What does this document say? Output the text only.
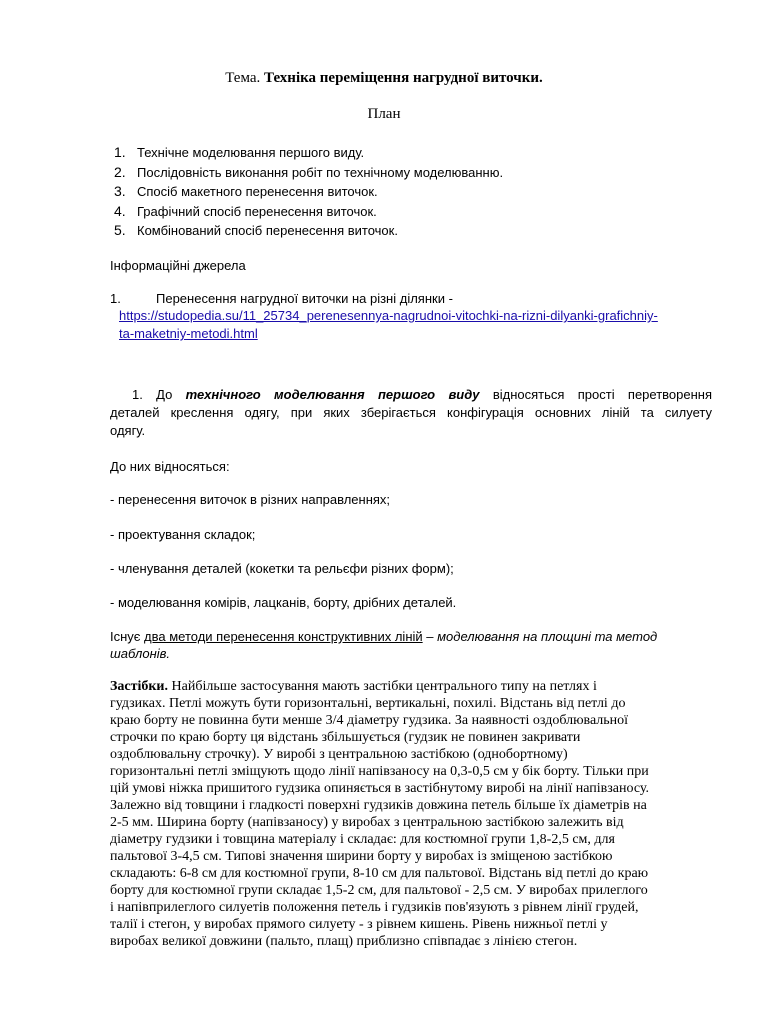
Тема. Техніка переміщення нагрудної виточки.

План

1. Технічне моделювання першого виду.
2. Послідовність виконання робіт по технічному моделюванню.
3. Спосіб макетного перенесення виточок.
4. Графічний спосіб перенесення виточок.
5. Комбінований спосіб перенесення виточок.

Інформаційні джерела

1.	Перенесення нагрудної виточки на різні ділянки -

https://studopedia.su/11_25734_perenesennya-nagrudnoi-vitochki-na-rizni-dilyanki-grafichniy-
ta-maketniy-metodi.html

1. До технічного моделювання першого виду відносяться прості перетворення

деталей креслення одягу, при яких зберігається конфігурація основних ліній та силуету

одягу.

До них відносяться:

- перенесення виточок в різних направленнях;

- проектування складок;

- членування деталей (кокетки та рельєфи різних форм);

- моделювання комірів, лацканів, борту, дрібних деталей.

Існує два методи перенесення конструктивних ліній – моделювання на площині та метод

шаблонів.

Застібки. Найбільше застосування мають застібки центрального типу на петлях і

гудзиках. Петлі можуть бути горизонтальні, вертикальні, похилі. Відстань від петлі до

краю борту не повинна бути менше 3/4 діаметру гудзика. За наявності оздоблювальної

строчки по краю борту ця відстань збільшується (гудзик не повинен закривати

оздоблювальну строчку). У виробі з центральною застібкою (однобортному)

горизонтальні петлі зміщують щодо лінії напівзаносу на 0,3-0,5 см у бік борту. Тільки при

цій умові ніжка пришитого гудзика опиняється в застібнутому виробі на лінії напівзаносу.

Залежно від товщини і гладкості поверхні гудзиків довжина петель більше їх діаметрів на

2-5 мм. Ширина борту (напівзаносу) у виробах з центральною застібкою залежить від

діаметру гудзики і товщина матеріалу і складає: для костюмної групи 1,8-2,5 см, для

пальтової 3-4,5 см. Типові значення ширини борту у виробах із зміщеною застібкою

складають: 6-8 см для костюмної групи, 8-10 см для пальтової. Відстань від петлі до краю

борту для костюмної групи складає 1,5-2 см, для пальтової - 2,5 см. У виробах прилеглого

і напівприлеглого силуетів положення петель і гудзиків пов'язують з рівнем лінії грудей,

талії і стегон, у виробах прямого силуету - з рівнем кишень. Рівень нижньої петлі у

виробах великої довжини (пальто, плащ) приблизно співпадає з лінією стегон.
